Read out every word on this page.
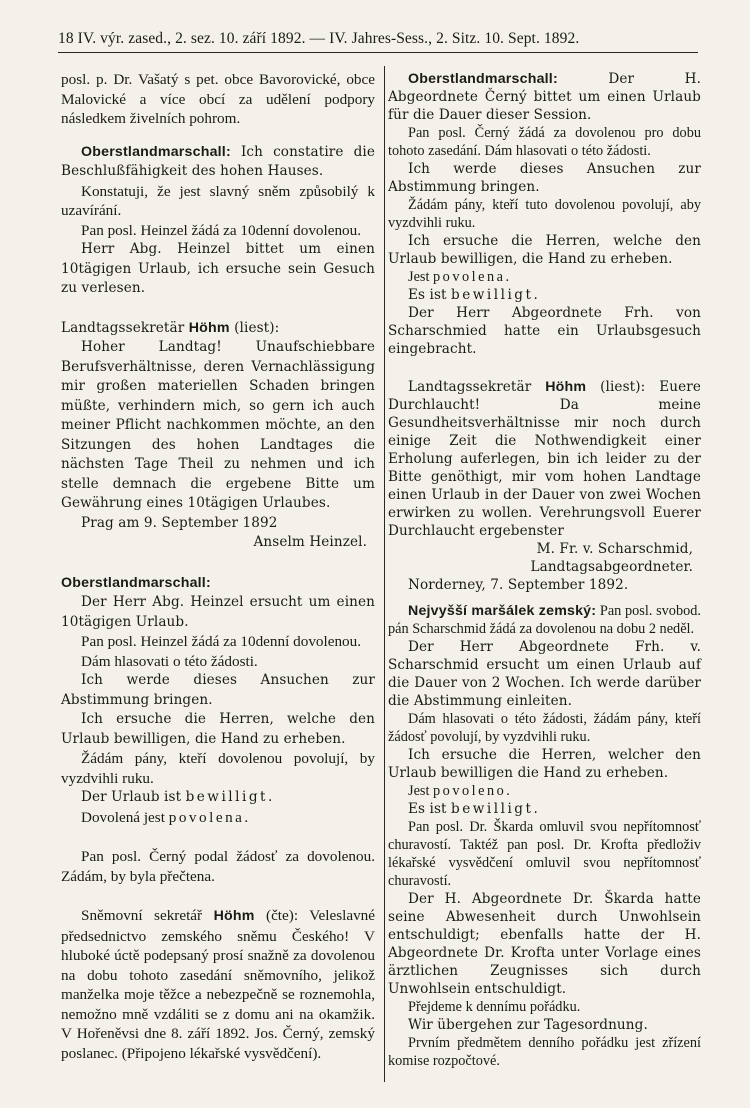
18 IV. výr. zased., 2. sez. 10. září 1892. — IV. Jahres-Sess., 2. Sitz. 10. Sept. 1892.

posl. p. Dr. Vašatý s pet. obce Bavorovické, obce Malovické a více obcí za udělení podpory následkem živelních pohrom.

Oberstlandmarschall: Ich constatire die Beschlußfähigkeit des hohen Hauses.

Konstatuji, že jest slavný sněm způsobilý k uzavírání.

Pan posl. Heinzel žádá za 10denní dovolenou.

Herr Abg. Heinzel bittet um einen 10tägigen Urlaub, ich ersuche sein Gesuch zu verlesen.

Landtagssekretär Höhm (liest):

Hoher Landtag! Unaufschiebbare Berufsverhältnisse, deren Vernachlässigung mir großen materiellen Schaden bringen müßte, verhindern mich, so gern ich auch meiner Pflicht nachkommen möchte, an den Sitzungen des hohen Landtages die nächsten Tage Theil zu nehmen und ich stelle demnach die ergebene Bitte um Gewährung eines 10tägigen Urlaubes.

Prag am 9. September 1892

Anselm Heinzel.

Oberstlandmarschall:

Der Herr Abg. Heinzel ersucht um einen 10tägigen Urlaub.

Pan posl. Heinzel žádá za 10denní dovolenou.

Dám hlasovati o této žádosti.

Ich werde dieses Ansuchen zur Abstimmung bringen.

Ich ersuche die Herren, welche den Urlaub bewilligen, die Hand zu erheben.

Žádám pány, kteří dovolenou povolují, by vyzdvihli ruku.

Der Urlaub ist bewilligt.

Dovolená jest povolena.

Pan posl. Černý podal žádosť za dovolenou. Zádám, by byla přečtena.

Sněmovní sekretář Höhm (čte): Veleslavné předsednictvo zemského sněmu Českého! V hluboké úctě podepsaný prosí snažně za dovolenou na dobu tohoto zasedání sněmovního, jelikož manželka moje těžce a nebezpečně se roznemohla, nemožno mně vzdáliti se z domu ani na okamžik. V Hořeněvsi dne 8. září 1892. Jos. Černý, zemský poslanec. (Připojeno lékařské vysvědčení).

Oberstlandmarschall: Der H. Abgeordnete Černý bittet um einen Urlaub für die Dauer dieser Session.

Pan posl. Černý žádá za dovolenou pro dobu tohoto zasedání. Dám hlasovati o této žádosti.

Ich werde dieses Ansuchen zur Abstimmung bringen.

Žádám pány, kteří tuto dovolenou povolují, aby vyzdvihli ruku.

Ich ersuche die Herren, welche den Urlaub bewilligen, die Hand zu erheben.

Jest povolena.

Es ist bewilligt.

Der Herr Abgeordnete Frh. von Scharschmied hatte ein Urlaubsgesuch eingebracht.

Landtagssekretär Höhm (liest): Euere Durchlaucht! Da meine Gesundheitsverhältnisse mir noch durch einige Zeit die Nothwendigkeit einer Erholung auferlegen, bin ich leider zu der Bitte genöthigt, mir vom hohen Landtage einen Urlaub in der Dauer von zwei Wochen erwirken zu wollen. Verehrungsvoll Euerer Durchlaucht ergebenster

M. Fr. v. Scharschmid,

Landtagsabgeordneter.

Norderney, 7. September 1892.

Nejvyšší maršálek zemský: Pan posl. svobod. pán Scharschmid žádá za dovolenou na dobu 2 neděl.

Der Herr Abgeordnete Frh. v. Scharschmid ersucht um einen Urlaub auf die Dauer von 2 Wochen. Ich werde darüber die Abstimmung einleiten.

Dám hlasovati o této žádosti, žádám pány, kteří žádosť povolují, by vyzdvihli ruku.

Ich ersuche die Herren, welcher den Urlaub bewilligen die Hand zu erheben.

Jest povoleno.

Es ist bewilligt.

Pan posl. Dr. Škarda omluvil svou nepřítomnosť churavostí. Taktéž pan posl. Dr. Krofta předloživ lékařské vysvědčení omluvil svou nepřítomnosť churavostí.

Der H. Abgeordnete Dr. Škarda hatte seine Abwesenheit durch Unwohlsein entschuldigt; ebenfalls hatte der H. Abgeordnete Dr. Krofta unter Vorlage eines ärztlichen Zeugnisses sich durch Unwohlsein entschuldigt.

Přejdeme k dennímu pořádku.

Wir übergehen zur Tagesordnung.

Prvním předmětem denního pořádku jest zřízení komise rozpočtové.
